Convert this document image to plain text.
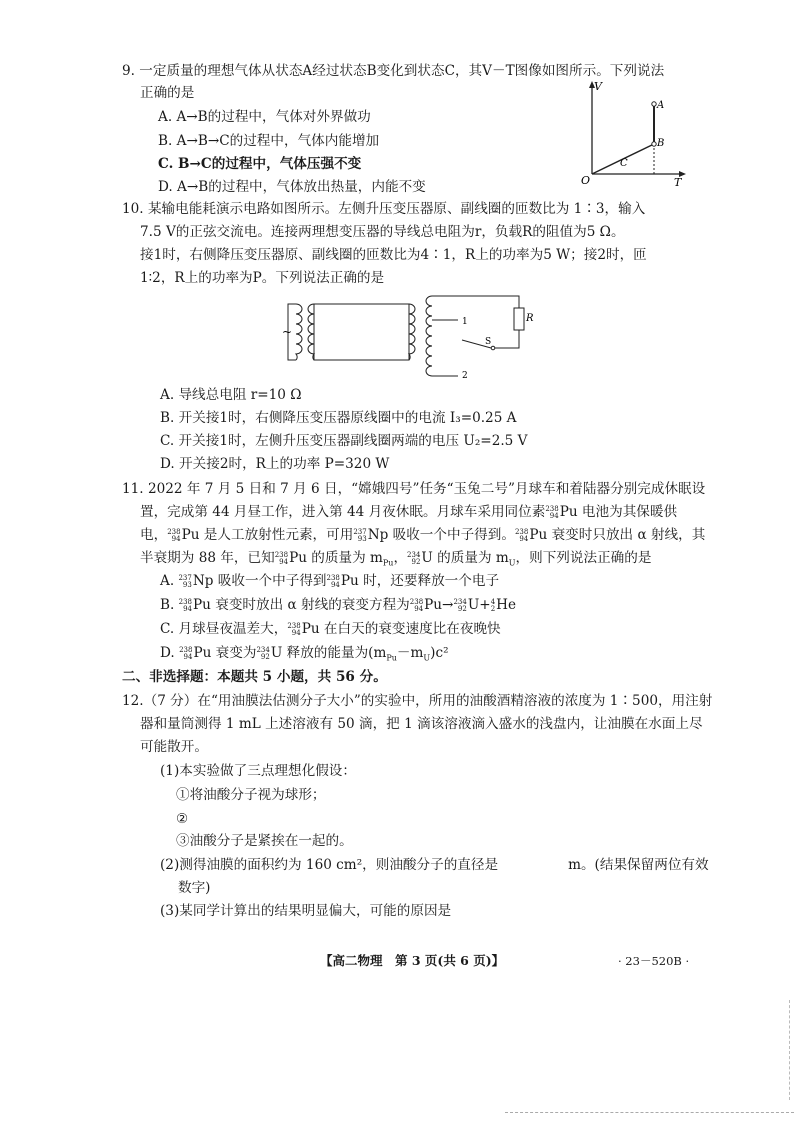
9. 一定质量的理想气体从状态A经过状态B变化到状态C，其V－T图像如图所示。下列说法
正确的是
A. A→B的过程中，气体对外界做功
B. A→B→C的过程中，气体内能增加
C. B→C的过程中，气体压强不变
D. A→B的过程中，气体放出热量，内能不变
V
O	T
A
B
C
10. 某输电能耗演示电路如图所示。左侧升压变压器原、副线圈的匝数比为 1∶3，输入
7.5 V的正弦交流电。连接两理想变压器的导线总电阻为r，负载R的阻值为5 Ω。
接1时，右侧降压变压器原、副线圈的匝数比为4∶1，R上的功率为5 W；接2时，匝
1∶2，R上的功率为P。下列说法正确的是
~
R
S
1
2
A. 导线总电阻 r=10 Ω
B. 开关接1时，右侧降压变压器原线圈中的电流 I₃=0.25 A
C. 开关接1时，左侧升压变压器副线圈两端的电压 U₂=2.5 V
D. 开关接2时，R上的功率 P=320 W
11. 2022 年 7 月 5 日和 7 月 6 日，“嫦娥四号”任务“玉兔二号”月球车和着陆器分别完成休眠设
置，完成第 44 月昼工作，进入第 44 月夜休眠。月球车采用同位素 238
94 Pu 电池为其保暖供
电， 238
94 Pu 是人工放射性元素，可用 237
93 Np 吸收一个中子得到。 238
94 Pu 衰变时只放出 α 射线，其
半衰期为 88 年，已知 238
94 Pu 的质量为 $m_{Pu}$， 234
92 U 的质量为 $m_U$，则下列说法正确的是
A. 237
93 Np 吸收一个中子得到 238
94 Pu 时，还要释放一个电子
B. 238
94 Pu 衰变时放出 α 射线的衰变方程为 238
94 Pu→ 234
92 U+ 4
2 He
C. 月球昼夜温差大， 238
94 Pu 在白天的衰变速度比在夜晚快
D. 238
94 Pu 衰变为 234
92 U 释放的能量为$(m_{Pu}-m_U)c^2$
二、非选择题：本题共 5 小题，共 56 分。
12.（7 分）在“用油膜法估测分子大小”的实验中，所用的油酸酒精溶液的浓度为 1∶500，用注射
器和量筒测得 1 mL 上述溶液有 50 滴，把 1 滴该溶液滴入盛水的浅盘内，让油膜在水面上尽
可能散开。
(1)本实验做了三点理想化假设：
①将油酸分子视为球形；
②
③油酸分子是紧挨在一起的。
(2)测得油膜的面积约为 160 cm²，则油酸分子的直径是	m。(结果保留两位有效
数字)
(3)某同学计算出的结果明显偏大，可能的原因是
【高二物理　第 3 页(共 6 页)】	· 23－520B ·
